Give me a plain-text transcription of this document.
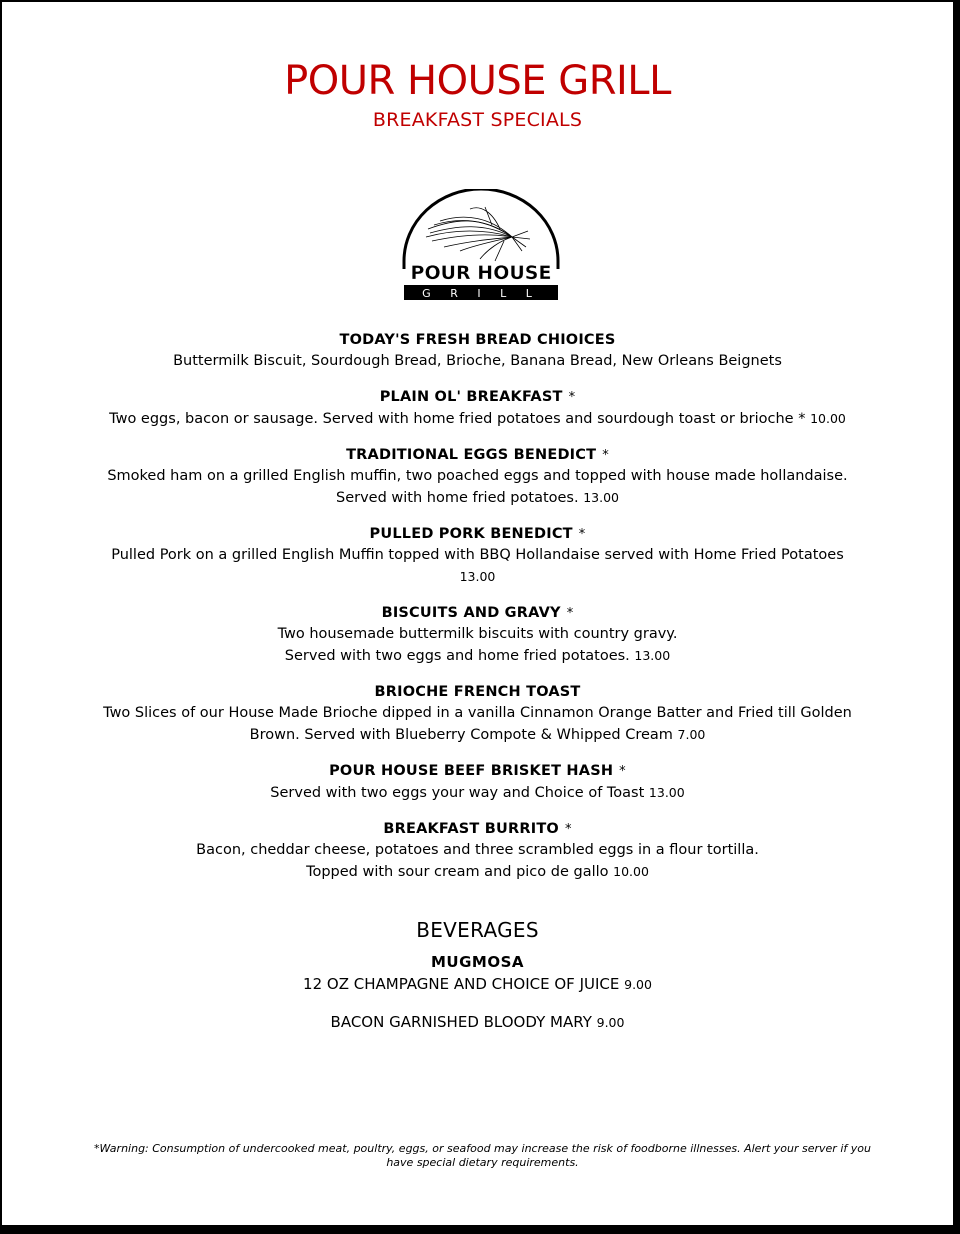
POUR HOUSE GRILL
BREAKFAST SPECIALS
POUR HOUSE
G R I L L
TODAY'S FRESH BREAD CHIOICES
Buttermilk Biscuit, Sourdough Bread, Brioche, Banana Bread, New Orleans Beignets
PLAIN OL' BREAKFAST *
Two eggs, bacon or sausage. Served with home fried potatoes and sourdough toast or brioche * 10.00
TRADITIONAL EGGS BENEDICT *
Smoked ham on a grilled English muffin, two poached eggs and topped with house made hollandaise.
Served with home fried potatoes. 13.00
PULLED PORK BENEDICT *
Pulled Pork on a grilled English Muffin topped with BBQ Hollandaise served with Home Fried Potatoes
13.00
BISCUITS AND GRAVY *
Two housemade buttermilk biscuits with country gravy.
Served with two eggs and home fried potatoes. 13.00
BRIOCHE FRENCH TOAST
Two Slices of our House Made Brioche dipped in a vanilla Cinnamon Orange Batter and Fried till Golden
Brown. Served with Blueberry Compote & Whipped Cream 7.00
POUR HOUSE BEEF BRISKET HASH *
Served with two eggs your way and Choice of Toast 13.00
BREAKFAST BURRITO *
Bacon, cheddar cheese, potatoes and three scrambled eggs in a flour tortilla.
Topped with sour cream and pico de gallo 10.00
BEVERAGES
MUGMOSA
12 OZ CHAMPAGNE AND CHOICE OF JUICE 9.00
BACON GARNISHED BLOODY MARY 9.00
*Warning: Consumption of undercooked meat, poultry, eggs, or seafood may increase the risk of foodborne illnesses. Alert your server if you have special dietary requirements.
